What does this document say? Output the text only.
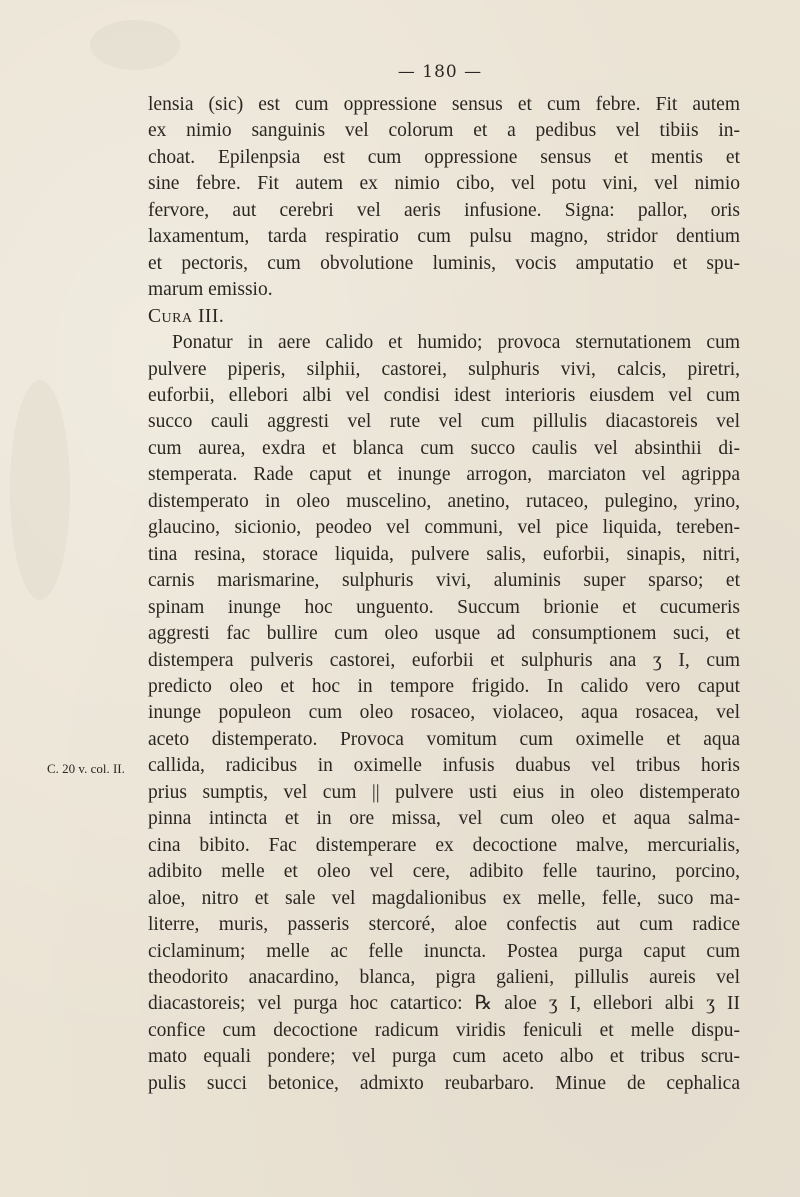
— 180 —
C. 20 v. col. II.
lensia (sic) est cum oppressione sensus et cum febre. Fit autem
ex nimio sanguinis vel colorum et a pedibus vel tibiis in-
choat. Epilenpsia est cum oppressione sensus et mentis et
sine febre. Fit autem ex nimio cibo, vel potu vini, vel nimio
fervore, aut cerebri vel aeris infusione. Signa: pallor, oris
laxamentum, tarda respiratio cum pulsu magno, stridor dentium
et pectoris, cum obvolutione luminis, vocis amputatio et spu-
marum emissio.
Cura III.
Ponatur in aere calido et humido; provoca sternutationem cum
pulvere piperis, silphii, castorei, sulphuris vivi, calcis, piretri,
euforbii, ellebori albi vel condisi idest interioris eiusdem vel cum
succo cauli aggresti vel rute vel cum pillulis diacastoreis vel
cum aurea, exdra et blanca cum succo caulis vel absinthii di-
stemperata. Rade caput et inunge arrogon, marciaton vel agrippa
distemperato in oleo muscelino, anetino, rutaceo, pulegino, yrino,
glaucino, sicionio, peodeo vel communi, vel pice liquida, tereben-
tina resina, storace liquida, pulvere salis, euforbii, sinapis, nitri,
carnis marismarine, sulphuris vivi, aluminis super sparso; et
spinam inunge hoc unguento. Succum brionie et cucumeris
aggresti fac bullire cum oleo usque ad consumptionem suci, et
distempera pulveris castorei, euforbii et sulphuris ana ʒ I, cum
predicto oleo et hoc in tempore frigido. In calido vero caput
inunge populeon cum oleo rosaceo, violaceo, aqua rosacea, vel
aceto distemperato. Provoca vomitum cum oximelle et aqua
callida, radicibus in oximelle infusis duabus vel tribus horis
prius sumptis, vel cum || pulvere usti eius in oleo distemperato
pinna intincta et in ore missa, vel cum oleo et aqua salma-
cina bibito. Fac distemperare ex decoctione malve, mercurialis,
adibito melle et oleo vel cere, adibito felle taurino, porcino,
aloe, nitro et sale vel magdalionibus ex melle, felle, suco ma-
literre, muris, passeris stercoré, aloe confectis aut cum radice
ciclaminum; melle ac felle inuncta. Postea purga caput cum
theodorito anacardino, blanca, pigra galieni, pillulis aureis vel
diacastoreis; vel purga hoc catartico: ℞ aloe ʒ I, ellebori albi ʒ II
confice cum decoctione radicum viridis feniculi et melle dispu-
mato equali pondere; vel purga cum aceto albo et tribus scru-
pulis succi betonice, admixto reubarbaro. Minue de cephalica
